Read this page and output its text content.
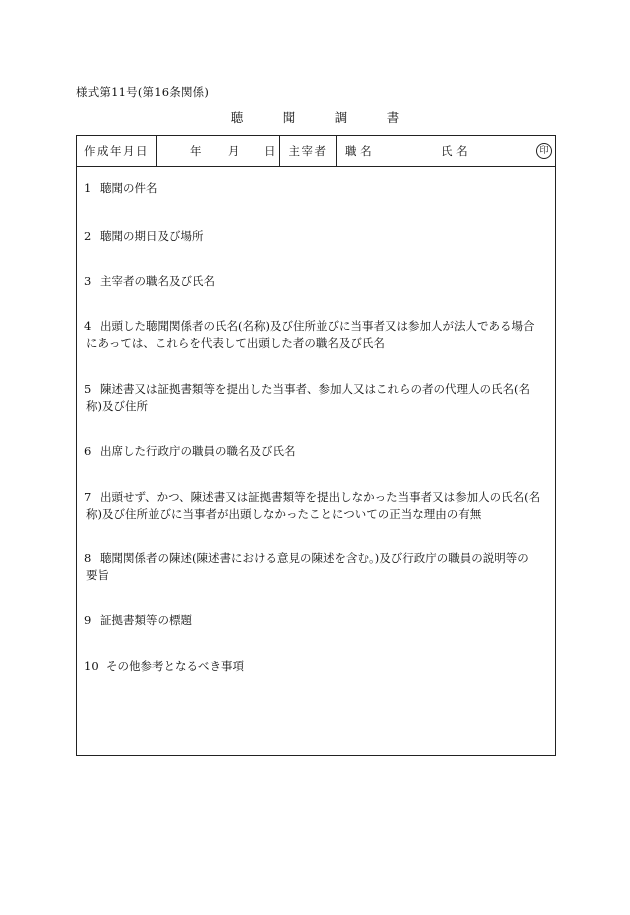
様式第11号(第16条関係)
聴	聞	調	書
作成年月日	年 月 日	主宰者	職 名	氏 名	印
1 聴聞の件名
2 聴聞の期日及び場所
3 主宰者の職名及び氏名
4 出頭した聴聞関係者の氏名(名称)及び住所並びに当事者又は参加人が法人である場合
にあっては、これらを代表して出頭した者の職名及び氏名
5 陳述書又は証拠書類等を提出した当事者、参加人又はこれらの者の代理人の氏名(名
称)及び住所
6 出席した行政庁の職員の職名及び氏名
7 出頭せず、かつ、陳述書又は証拠書類等を提出しなかった当事者又は参加人の氏名(名
称)及び住所並びに当事者が出頭しなかったことについての正当な理由の有無
8 聴聞関係者の陳述(陳述書における意見の陳述を含む。)及び行政庁の職員の説明等の
要旨
9 証拠書類等の標題
10 その他参考となるべき事項
